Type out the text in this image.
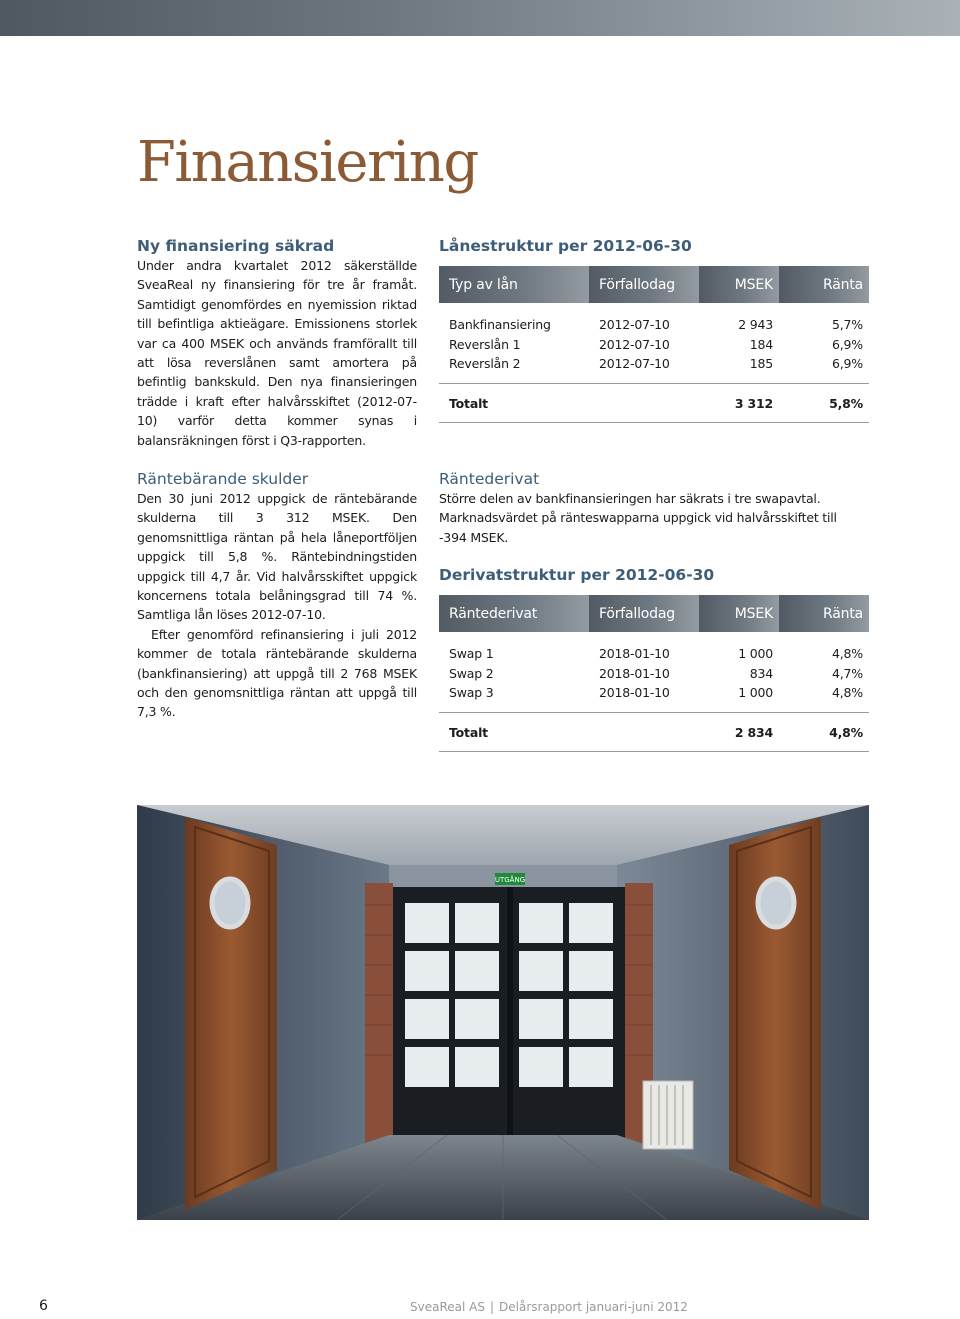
Finansiering
Ny finansiering säkrad

Under andra kvartalet 2012 säkerställde SveaReal ny finansiering för tre år framåt. Samtidigt genomfördes en nyemission riktad till befintliga aktieägare. Emissionens storlek var ca 400 MSEK och används framförallt till att lösa reverslånen samt amortera på befintlig bankskuld. Den nya finansieringen trädde i kraft efter halvårsskiftet (2012-07-10) varför detta kommer synas i balansräkningen först i Q3-rapporten.

Räntebärande skulder

Den 30 juni 2012 uppgick de räntebärande skulderna till 3 312 MSEK. Den genomsnittliga räntan på hela låneportföljen uppgick till 5,8 %. Räntebindningstiden uppgick till 4,7 år. Vid halvårsskiftet uppgick koncernens totala belåningsgrad till 74 %. Samtliga lån löses 2012-07-10.

Efter genomförd refinansiering i juli 2012 kommer de totala räntebärande skulderna (bankfinansiering) att uppgå till 2 768 MSEK och den genomsnittliga räntan att uppgå till 7,3 %.

Lånestruktur per 2012-06-30
Typ av lån	Förfallodag	MSEK	Ränta
Bankfinansiering	2012-07-10	2 943	5,7%
Reverslån 1	2012-07-10	184	6,9%
Reverslån 2	2012-07-10	185	6,9%
Totalt		3 312	5,8%
Räntederivat

Större delen av bankfinansieringen har säkrats i tre swapavtal. Marknadsvärdet på ränteswapparna uppgick vid halvårsskiftet till -394 MSEK.

Derivatstruktur per 2012-06-30
Räntederivat	Förfallodag	MSEK	Ränta
Swap 1	2018-01-10	1 000	4,8%
Swap 2	2018-01-10	834	4,7%
Swap 3	2018-01-10	1 000	4,8%
Totalt		2 834	4,8%
UTGÅNG
6	SveaReal AS | Delårsrapport januari-juni 2012
